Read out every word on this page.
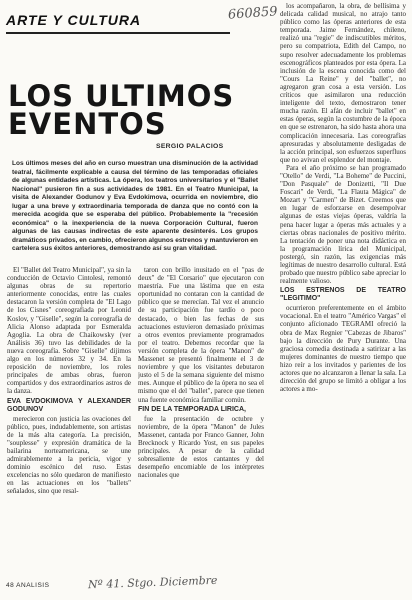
ARTE Y CULTURA	660859
LOS ULTIMOS EVENTOS
SERGIO PALACIOS

Los últimos meses del año en curso muestran una disminución de la actividad teatral, fácilmente explicable a causa del término de las temporadas oficiales de algunas entidades artísticas. La ópera, los teatros universitarios y el "Ballet Nacional" pusieron fin a sus actividades de 1981. En el Teatro Municipal, la visita de Alexander Godunov y Eva Evdokimova, ocurrida en noviembre, dio lugar a una breve y extraordinaria temporada de danza que no contó con la merecida acogida que se esperaba del público. Probablemente la "recesión económica" o la inexperiencia de la nueva Corporación Cultural, fueron algunas de las causas indirectas de este aparente desinterés. Los grupos dramáticos privados, en cambio, ofrecieron algunos estrenos y mantuvieron en cartelera sus éxitos anteriores, demostrando así su gran vitalidad.

El "Ballet del Teatro Municipal", ya sin la conducción de Octavio Cintolesi, remontó algunas obras de su repertorio anteriormente conocidas, entre las cuales destacaron la versión completa de "El Lago de los Cisnes" coreografiada por Leonid Koslov, y "Giselle", según la coreografía de Alicia Alonso adaptada por Esmeralda Agoglia. La obra de Chaikowsky (ver Análisis 36) tuvo las debilidades de la nueva coreografía. Sobre "Giselle" dijimos algo en los números 32 y 34. En la reposición de noviembre, los roles principales de ambas obras, fueron compartidos y dos extraordinarios astros de la danza.

EVA EVDOKIMOVA Y ALEXANDER GODUNOV

merecieron con justicia las ovaciones del público, pues, indudablemente, son artistas de la más alta categoría. La precisión, "souplesse" y expresión dramática de la bailarina norteamericana, se une admirablemente a la pericia, vigor y dominio escénico del ruso. Estas excelencias no sólo quedaron de manifiesto en las actuaciones en los "ballets" señalados, sino que resal-

taron con brillo inusitado en el "pas de deux" de "El Corsario" que ejecutaron con maestría. Fue una lástima que en esta oportunidad no contaran con la cantidad de público que se merecían. Tal vez el anuncio de su participación fue tardío o poco destacado, o bien las fechas de sus actuaciones estuvieron demasiado próximas a otros eventos previamente programados por el teatro. Debemos recordar que la versión completa de la ópera "Manon" de Massenet se presentó finalmente el 3 de noviembre y que los visitantes debutaron justo el 5 de la semana siguiente del mismo mes. Aunque el público de la ópera no sea el mismo que el del "ballet", parece que tienen una fuente económica familiar común.

FIN DE LA TEMPORADA LIRICA,

fue la presentación de octubre y noviembre, de la ópera "Manon" de Jules Massenet, cantada por Franco Ganner, John Brecknock y Ricardo Yost, en sus papeles principales. A pesar de la calidad sobresaliente de estos cantantes y del desempeño encomiable de los intérpretes nacionales que

los acompañaron, la obra, de bellísima y delicada calidad musical, no atrajo tanto público como las óperas anteriores de esta temporada. Jaime Fernández, chileno, realizó una "regie" de indiscutibles méritos, pero su compatriota, Edith del Campo, no supo resolver adecuadamente los problemas escenográficos planteados por esta ópera. La inclusión de la escena conocida como del "Cours La Reine" y del "ballet", no agregaron gran cosa a esta versión. Los críticos que asimilaron una reducción inteligente del texto, demostraron tener mucha razón. El afán de incluir "ballet" en estas óperas, según la costumbre de la época en que se estrenaron, ha sido hasta ahora una complicación innecesaria. Las coreografías apresuradas y absolutamente desligadas de la acción principal, son esfuerzos superfluos que no avivan el esplendor del montaje.

Para el año próximo se han programado "Otello" de Verdi, "La Boheme" de Puccini, "Don Pasquale" de Donizetti, "Il Due Foscari" de Verdi, "La Flauta Mágica" de Mozart y "Carmen" de Bizet. Creemos que en lugar de esforzarse en desempolvar algunas de estas viejas óperas, valdría la pena hacer lugar a óperas más actuales y a ciertas obras nacionales de positivo mérito. La tentación de poner una nota didáctica en la programación lírica del Municipal, postergó, sin razón, las exigencias más legítimas de nuestro desarrollo cultural. Está probado que nuestro público sabe apreciar lo realmente valioso.

LOS ESTRENOS DE TEATRO "LEGITIMO"

ocurrieron preferentemente en el ámbito vocacional. En el teatro "Américo Vargas" el conjunto afícionado TEGRAMI ofreció la obra de Max Regnier "Cabezas de Jibaros" bajo la dirección de Pury Durante. Una graciosa comedia destinada a satirizar a las mujeres dominantes de nuestro tiempo que hizo reír a los invitados y parientes de los actores que no alcanzaron a llenar la sala. La dirección del grupo se limitó a obligar a los actores a mo-

48 ANALISIS	Nº 41. Stgo. Diciembre
